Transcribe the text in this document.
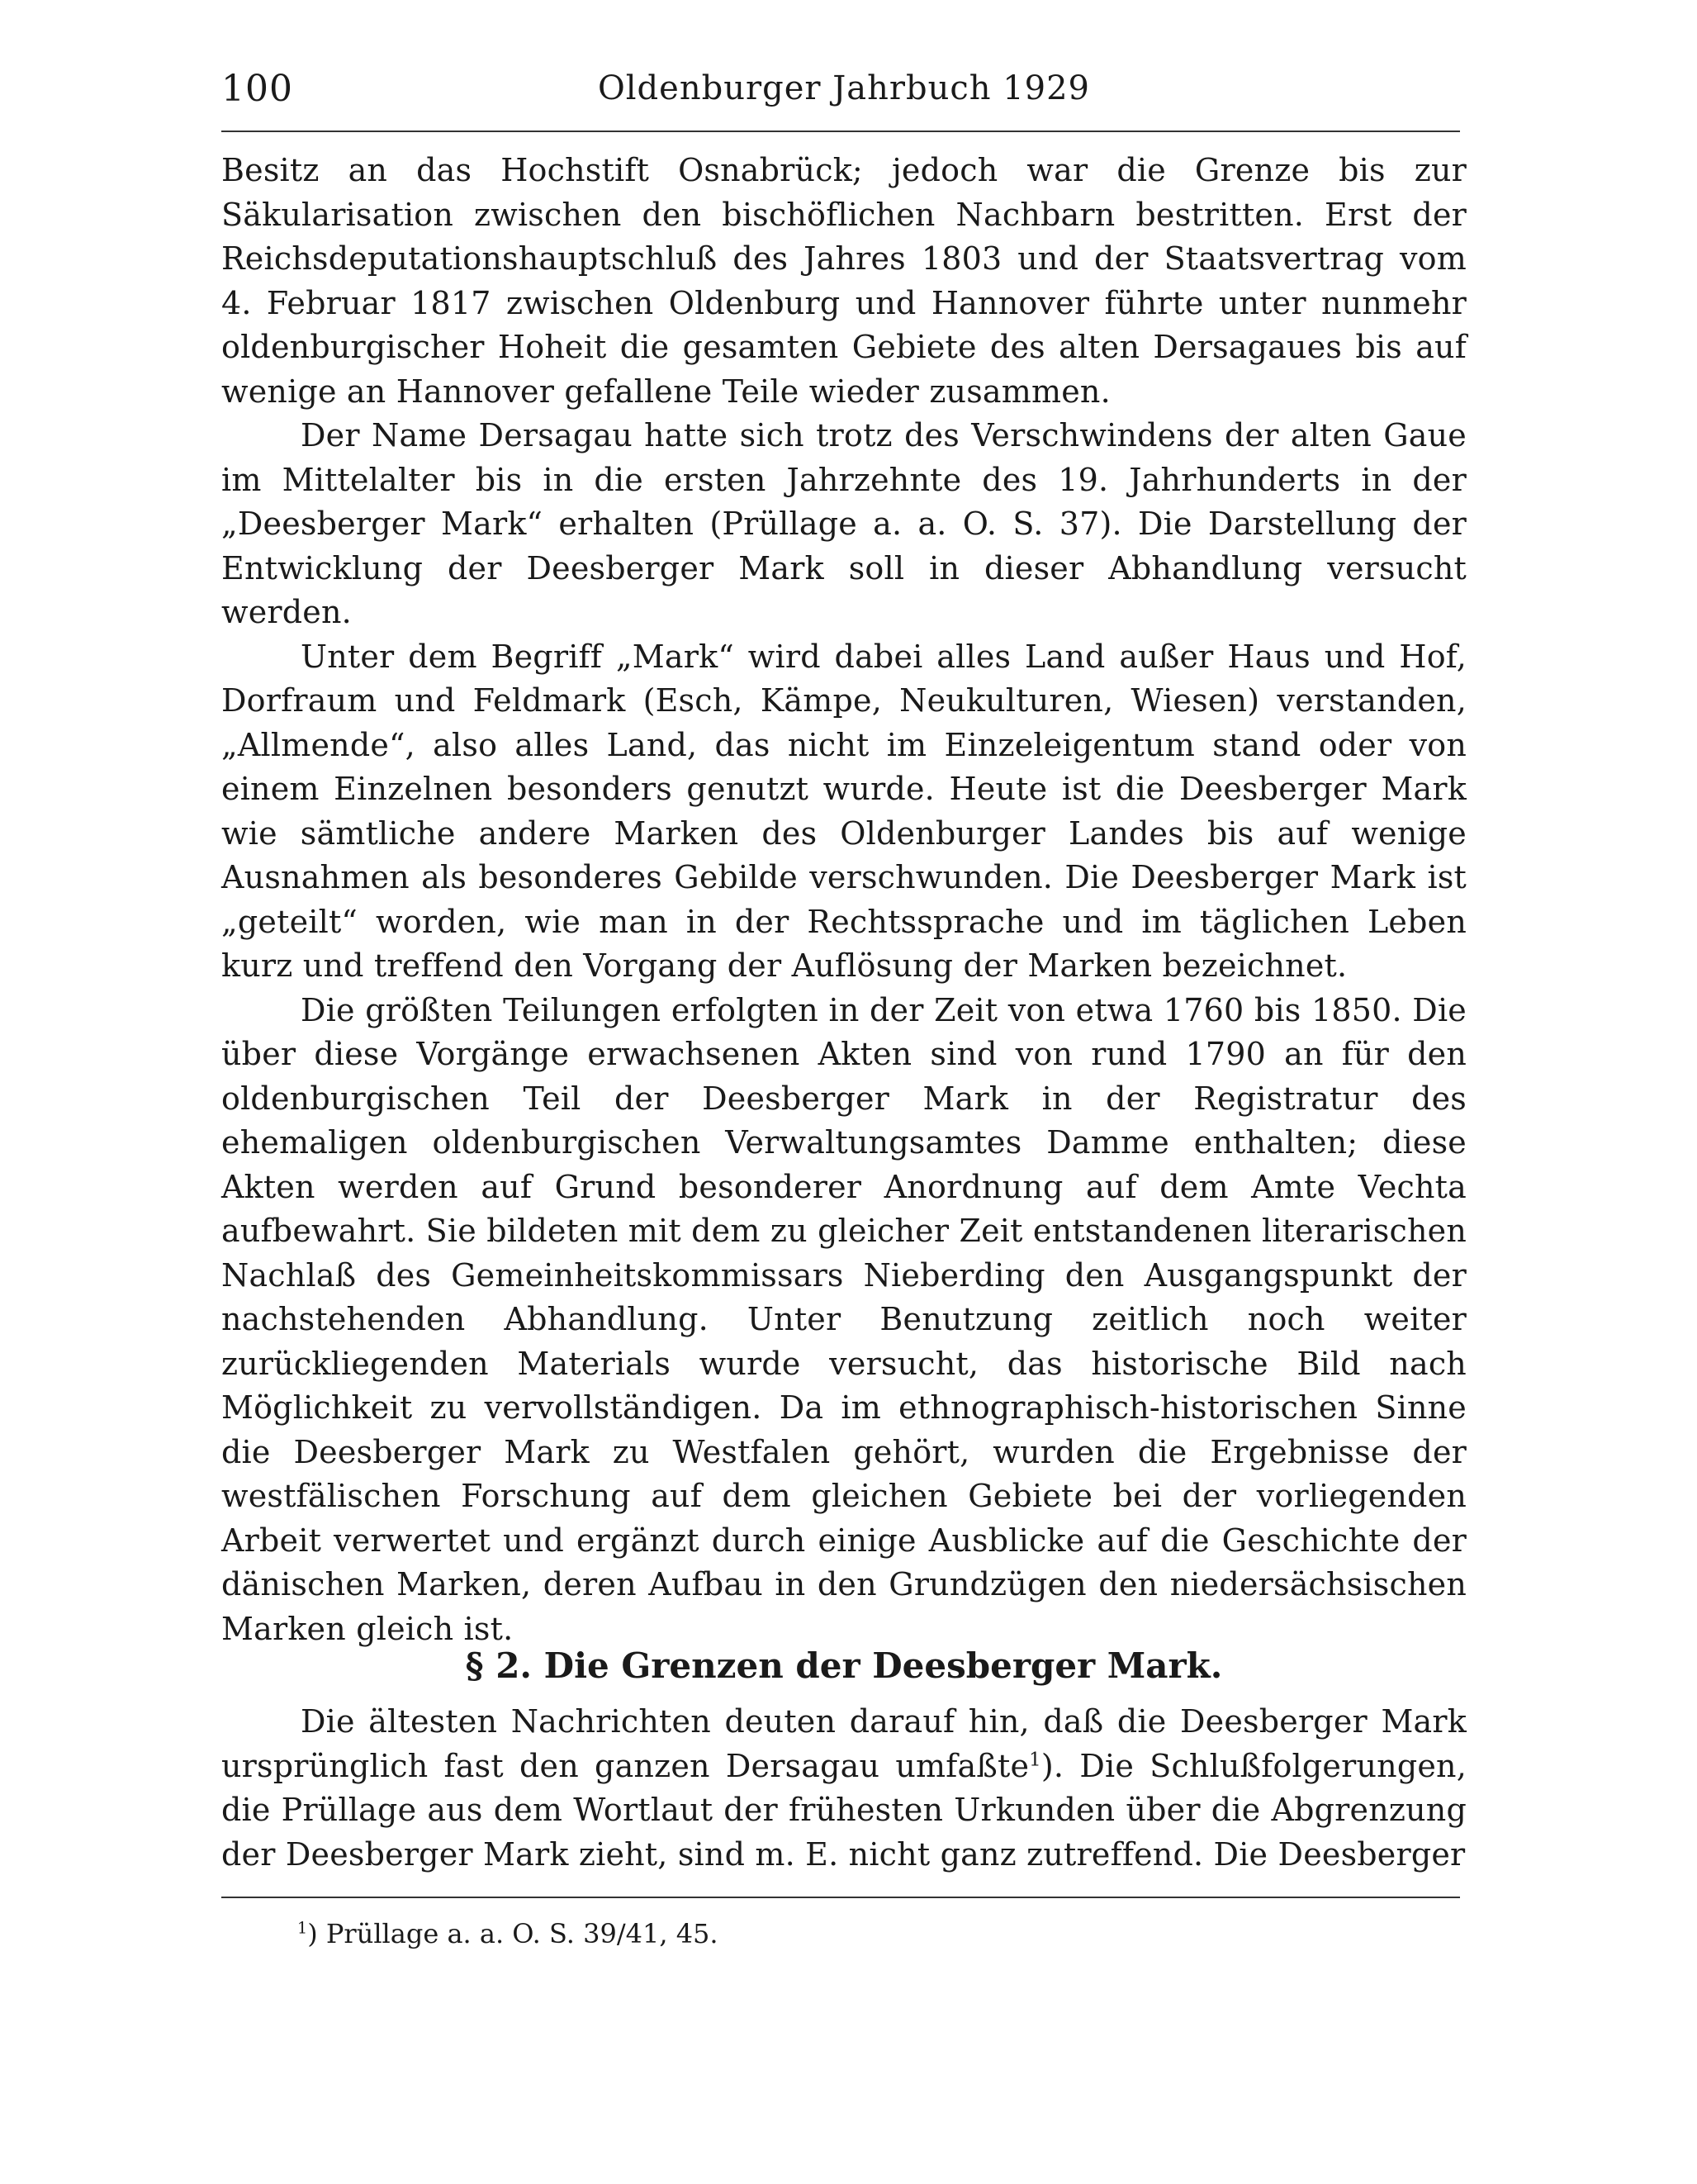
100	Oldenburger Jahrbuch 1929

Besitz an das Hochstift Osnabrück; jedoch war die Grenze bis zur Säkularisation zwischen den bischöflichen Nachbarn bestritten. Erst der Reichsdeputationshauptschluß des Jahres 1803 und der Staatsvertrag vom 4. Februar 1817 zwischen Oldenburg und Hannover führte unter nunmehr oldenburgischer Hoheit die gesamten Gebiete des alten Dersagaues bis auf wenige an Hannover gefallene Teile wieder zusammen.

Der Name Dersagau hatte sich trotz des Verschwindens der alten Gaue im Mittelalter bis in die ersten Jahrzehnte des 19. Jahrhunderts in der „Deesberger Mark“ erhalten (Prüllage a. a. O. S. 37). Die Darstellung der Entwicklung der Deesberger Mark soll in dieser Abhandlung versucht werden.

Unter dem Begriff „Mark“ wird dabei alles Land außer Haus und Hof, Dorfraum und Feldmark (Esch, Kämpe, Neukulturen, Wiesen) verstanden, „Allmende“, also alles Land, das nicht im Einzeleigentum stand oder von einem Einzelnen besonders genutzt wurde. Heute ist die Deesberger Mark wie sämtliche andere Marken des Oldenburger Landes bis auf wenige Ausnahmen als besonderes Gebilde verschwunden. Die Deesberger Mark ist „geteilt“ worden, wie man in der Rechtssprache und im täglichen Leben kurz und treffend den Vorgang der Auflösung der Marken bezeichnet.

Die größten Teilungen erfolgten in der Zeit von etwa 1760 bis 1850. Die über diese Vorgänge erwachsenen Akten sind von rund 1790 an für den oldenburgischen Teil der Deesberger Mark in der Registratur des ehemaligen oldenburgischen Verwaltungsamtes Damme enthalten; diese Akten werden auf Grund besonderer Anordnung auf dem Amte Vechta aufbewahrt. Sie bildeten mit dem zu gleicher Zeit entstandenen literarischen Nachlaß des Gemeinheitskommissars Nieberding den Ausgangspunkt der nachstehenden Abhandlung. Unter Benutzung zeitlich noch weiter zurückliegenden Materials wurde versucht, das historische Bild nach Möglichkeit zu vervollständigen. Da im ethnographisch-historischen Sinne die Deesberger Mark zu Westfalen gehört, wurden die Ergebnisse der westfälischen Forschung auf dem gleichen Gebiete bei der vorliegenden Arbeit verwertet und ergänzt durch einige Ausblicke auf die Geschichte der dänischen Marken, deren Aufbau in den Grundzügen den niedersächsischen Marken gleich ist.

§ 2. Die Grenzen der Deesberger Mark.

Die ältesten Nachrichten deuten darauf hin, daß die Deesberger Mark ursprünglich fast den ganzen Dersagau umfaßte$^1$). Die Schlußfolgerungen, die Prüllage aus dem Wortlaut der frühesten Urkunden über die Abgrenzung der Deesberger Mark zieht, sind m. E. nicht ganz zutreffend. Die Deesberger

$^1$) Prüllage a. a. O. S. 39/41, 45.
